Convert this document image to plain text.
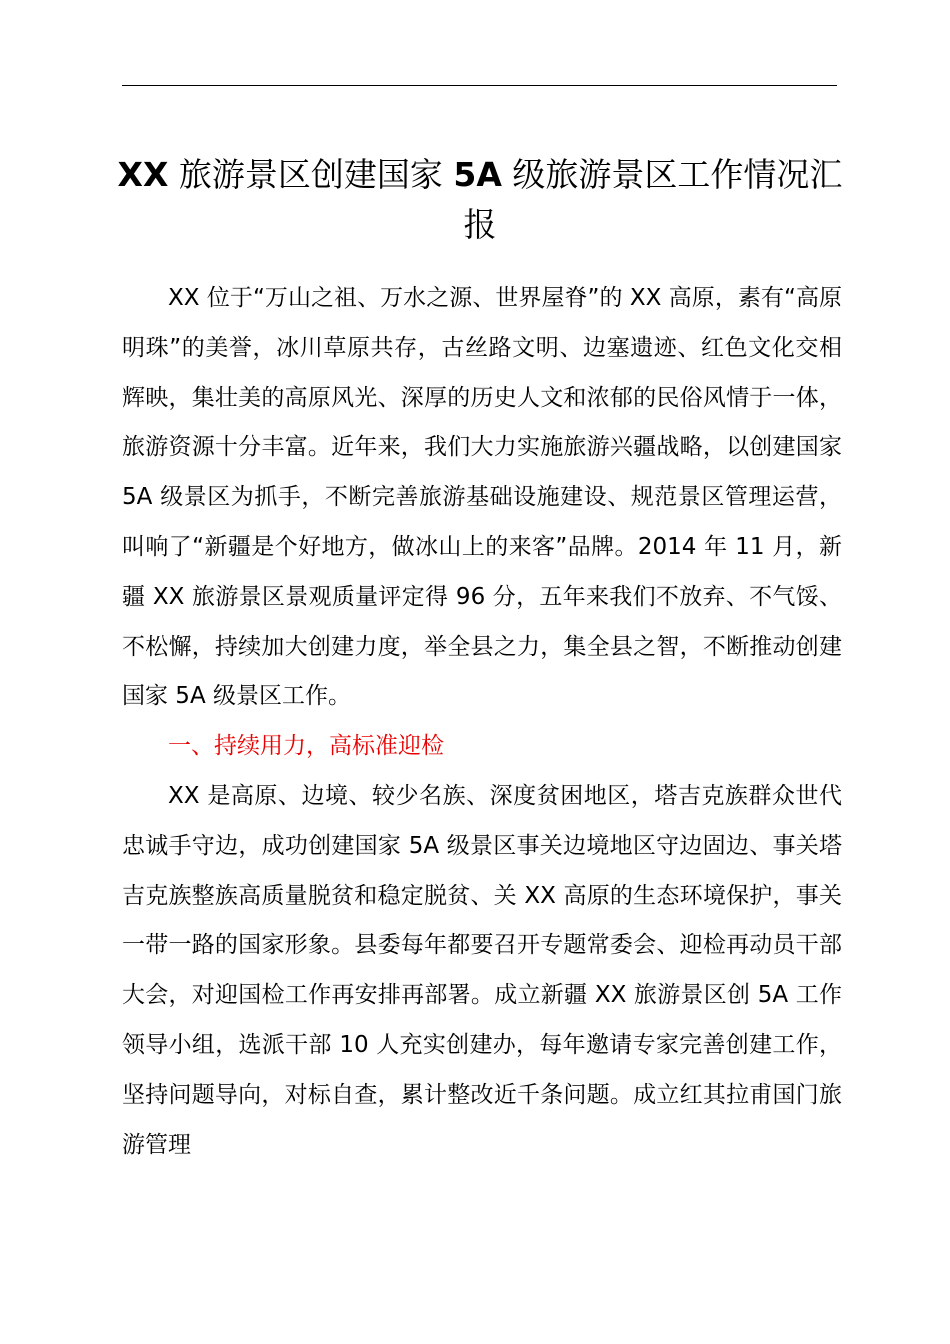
XX 旅游景区创建国家 5A 级旅游景区工作情况汇报

XX 位于“万山之祖、万水之源、世界屋脊”的 XX 高原，素有“高原明珠”的美誉，冰川草原共存，古丝路文明、边塞遗迹、红色文化交相辉映，集壮美的高原风光、深厚的历史人文和浓郁的民俗风情于一体，旅游资源十分丰富。近年来，我们大力实施旅游兴疆战略，以创建国家 5A 级景区为抓手，不断完善旅游基础设施建设、规范景区管理运营，叫响了“新疆是个好地方，做冰山上的来客”品牌。2014 年 11 月，新疆 XX 旅游景区景观质量评定得 96 分，五年来我们不放弃、不气馁、不松懈，持续加大创建力度，举全县之力，集全县之智，不断推动创建国家 5A 级景区工作。

一、持续用力，高标准迎检

XX 是高原、边境、较少名族、深度贫困地区，塔吉克族群众世代忠诚手守边，成功创建国家 5A 级景区事关边境地区守边固边、事关塔吉克族整族高质量脱贫和稳定脱贫、关 XX 高原的生态环境保护，事关一带一路的国家形象。县委每年都要召开专题常委会、迎检再动员干部大会，对迎国检工作再安排再部署。成立新疆 XX 旅游景区创 5A 工作领导小组，选派干部 10 人充实创建办，每年邀请专家完善创建工作，坚持问题导向，对标自查，累计整改近千条问题。成立红其拉甫国门旅游管理
